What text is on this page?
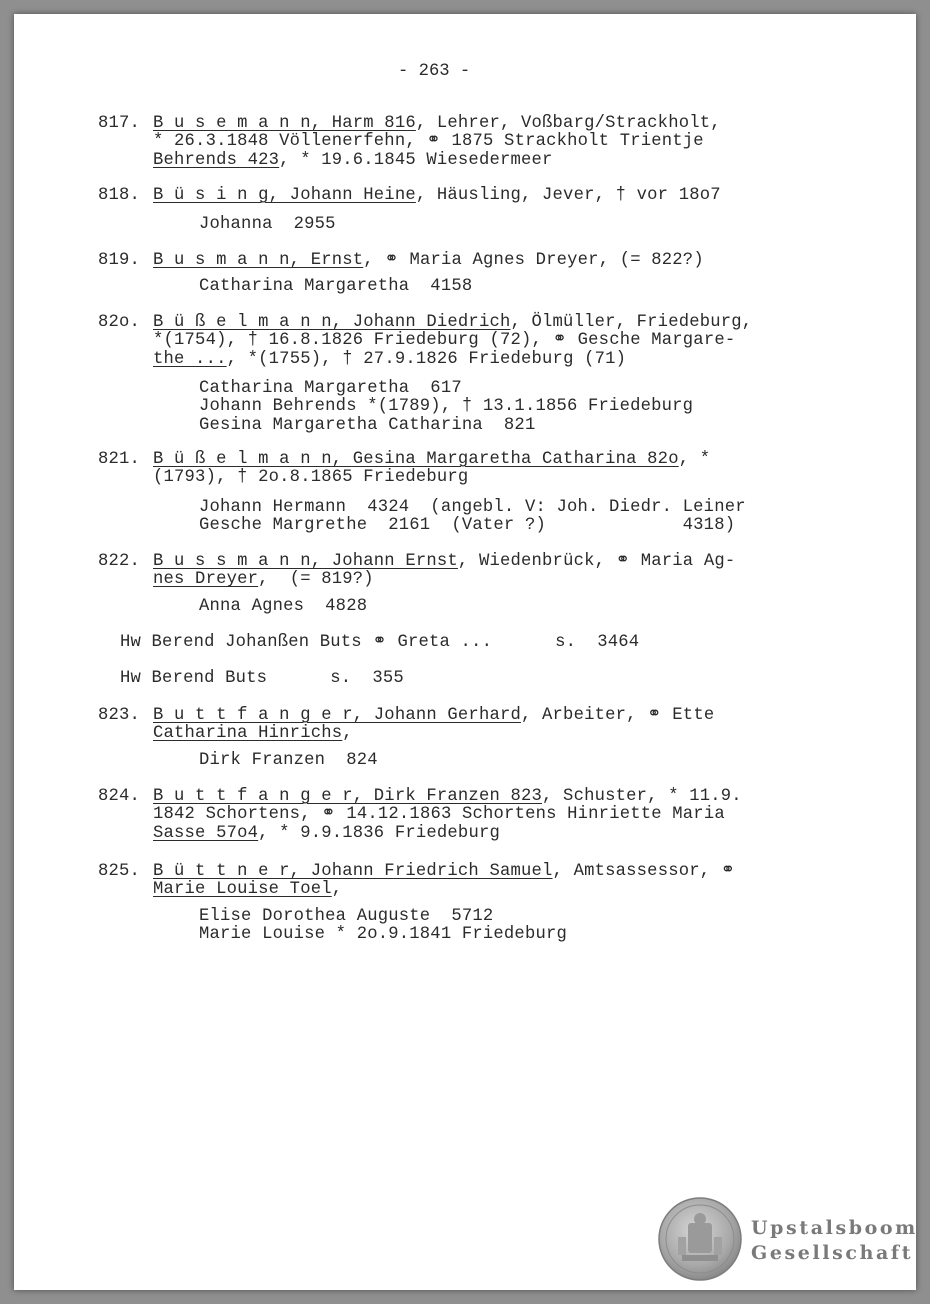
- 263 -
817. B u s e m a n n, Harm 816, Lehrer, Voßbarg/Strackholt,
* 26.3.1848 Völlenerfehn, ⚭ 1875 Strackholt Trientje
Behrends 423, * 19.6.1845 Wiesedermeer
818. B ü s i n g, Johann Heine, Häusling, Jever, † vor 18o7
Johanna  2955
819. B u s m a n n, Ernst, ⚭ Maria Agnes Dreyer, (= 822?)
Catharina Margaretha  4158
82o. B ü ß e l m a n n, Johann Diedrich, Ölmüller, Friedeburg,
*(1754), † 16.8.1826 Friedeburg (72), ⚭ Gesche Margare-
the ..., *(1755), † 27.9.1826 Friedeburg (71)
Catharina Margaretha  617
Johann Behrends *(1789), † 13.1.1856 Friedeburg
Gesina Margaretha Catharina  821
821. B ü ß e l m a n n, Gesina Margaretha Catharina 82o, *
(1793), † 2o.8.1865 Friedeburg
Johann Hermann  4324  (angebl. V: Joh. Diedr. Leiner
Gesche Margrethe  2161  (Vater ?)             4318)
822. B u s s m a n n, Johann Ernst, Wiedenbrück, ⚭ Maria Ag-
nes Dreyer,  (= 819?)
Anna Agnes  4828
823. B u t t f a n g e r, Johann Gerhard, Arbeiter, ⚭ Ette
Catharina Hinrichs,
Dirk Franzen  824
824. B u t t f a n g e r, Dirk Franzen 823, Schuster, * 11.9.
1842 Schortens, ⚭ 14.12.1863 Schortens Hinriette Maria
Sasse 57o4, * 9.9.1836 Friedeburg
825. B ü t t n e r, Johann Friedrich Samuel, Amtsassessor, ⚭
Marie Louise Toel,
Elise Dorothea Auguste  5712
Marie Louise * 2o.9.1841 Friedeburg
Hw Berend Johanßen Buts ⚭ Greta ...      s.  3464
Hw Berend Buts      s.  355
Upstalsboom
Gesellschaft
